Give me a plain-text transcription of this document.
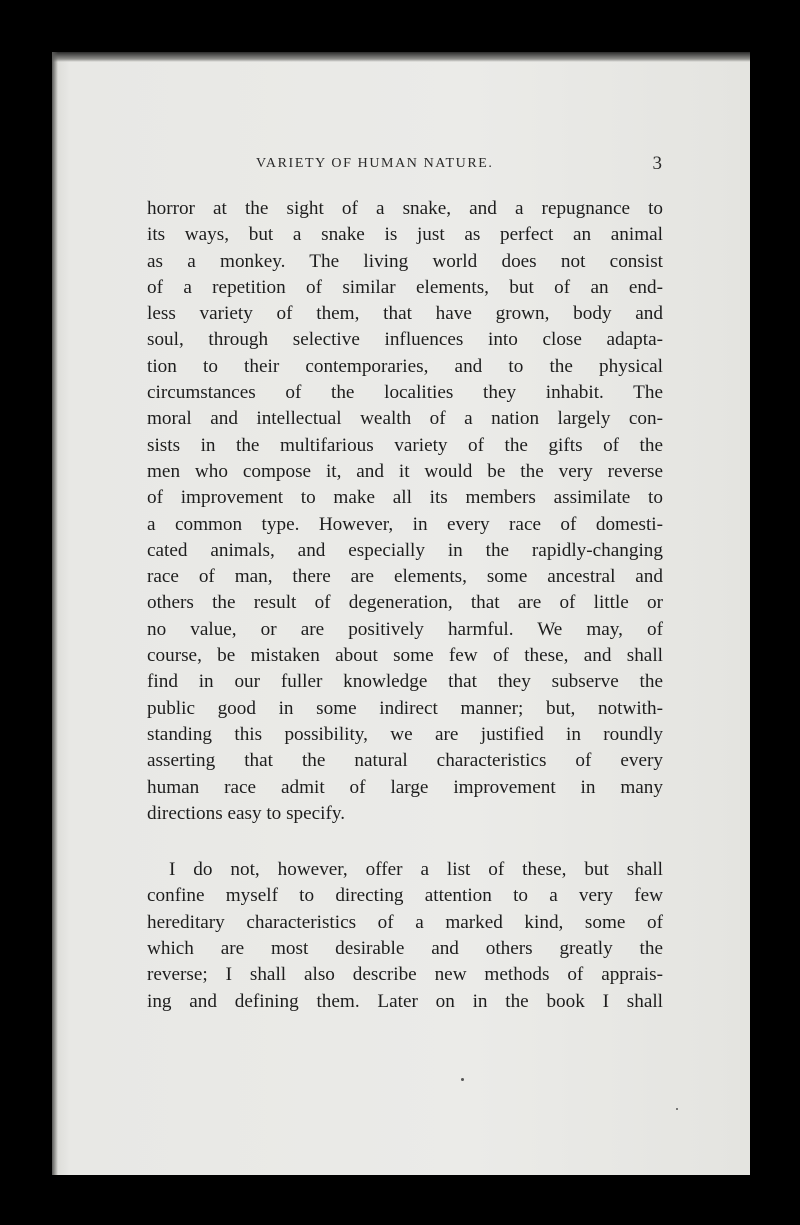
VARIETY OF HUMAN NATURE.	3
horror at the sight of a snake, and a repugnance to
its ways, but a snake is just as perfect an animal
as a monkey. The living world does not consist
of a repetition of similar elements, but of an end-
less variety of them, that have grown, body and
soul, through selective influences into close adapta-
tion to their contemporaries, and to the physical
circumstances of the localities they inhabit. The
moral and intellectual wealth of a nation largely con-
sists in the multifarious variety of the gifts of the
men who compose it, and it would be the very reverse
of improvement to make all its members assimilate to
a common type. However, in every race of domesti-
cated animals, and especially in the rapidly-changing
race of man, there are elements, some ancestral and
others the result of degeneration, that are of little or
no value, or are positively harmful. We may, of
course, be mistaken about some few of these, and shall
find in our fuller knowledge that they subserve the
public good in some indirect manner; but, notwith-
standing this possibility, we are justified in roundly
asserting that the natural characteristics of every
human race admit of large improvement in many
directions easy to specify.
I do not, however, offer a list of these, but shall
confine myself to directing attention to a very few
hereditary characteristics of a marked kind, some of
which are most desirable and others greatly the
reverse; I shall also describe new methods of apprais-
ing and defining them. Later on in the book I shall
